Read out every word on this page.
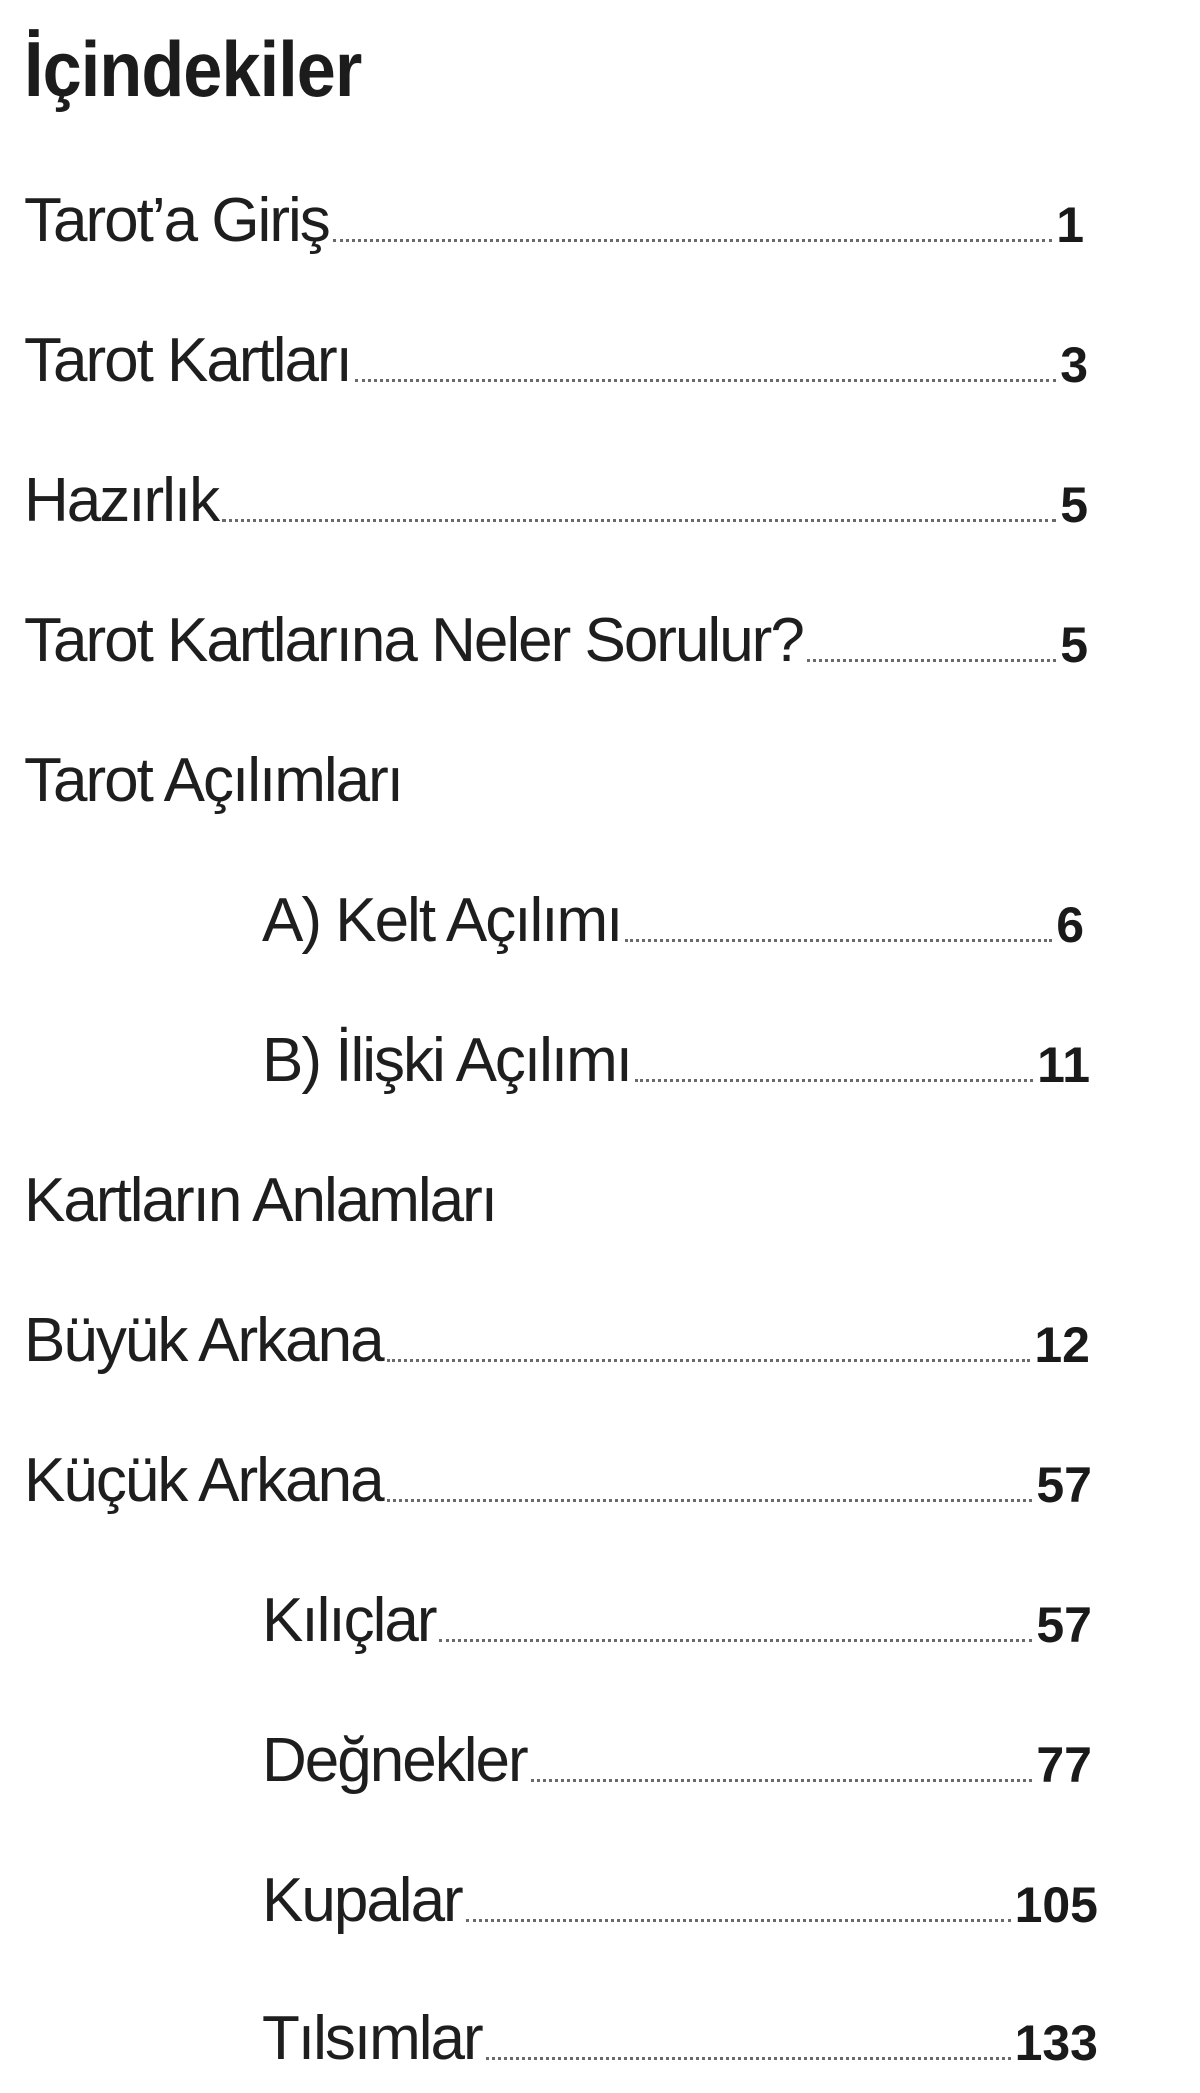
İçindekiler
Tarot’a Giriş	1
Tarot Kartları	3
Hazırlık	5
Tarot Kartlarına Neler Sorulur?	5
Tarot Açılımları
A) Kelt Açılımı	6
B) İlişki Açılımı	11
Kartların Anlamları
Büyük Arkana	12
Küçük Arkana	57
Kılıçlar	57
Değnekler	77
Kupalar	105
Tılsımlar	133
